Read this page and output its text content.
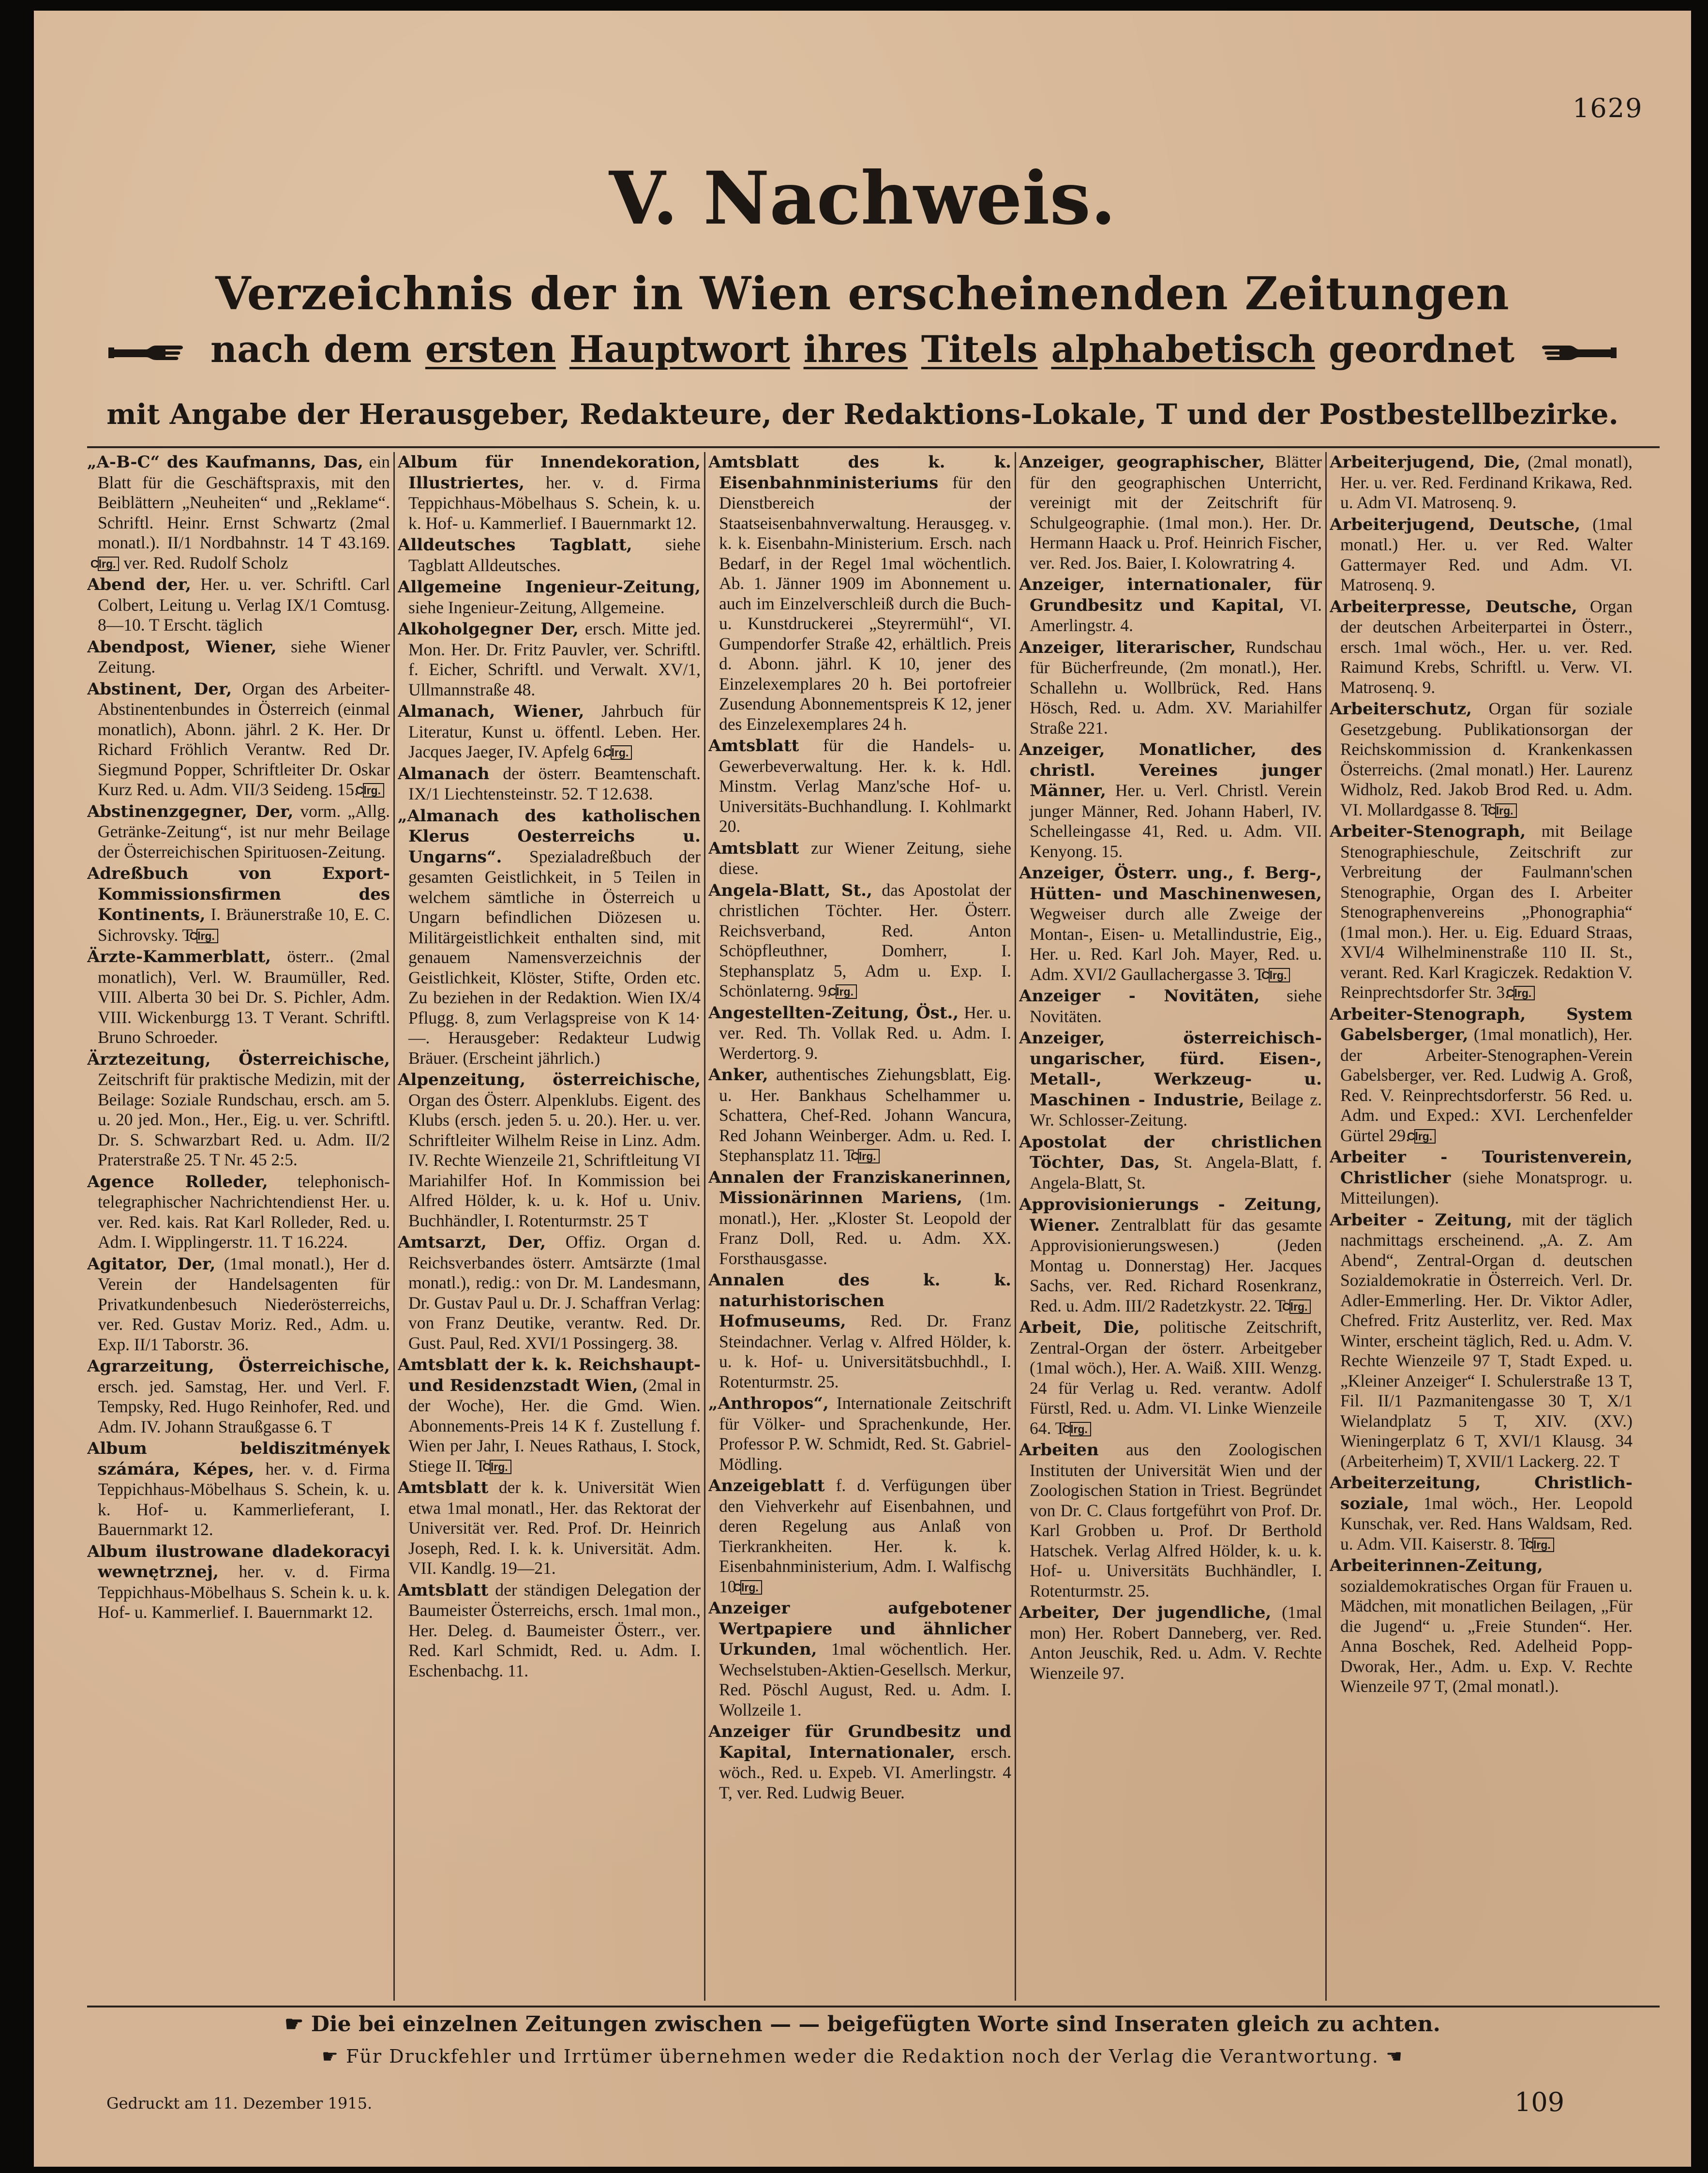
1629
V. Nachweis.
Verzeichnis der in Wien erscheinenden Zeitungen
nach dem ersten Hauptwort ihres Titels alphabetisch geordnet
mit Angabe der Herausgeber, Redakteure, der Redaktions-Lokale, T und der Postbestellbezirke.
„A-B-C“ des Kaufmanns, Das, ein Blatt für die Geschäftspraxis, mit den Beiblättern „Neuheiten“ und „Reklame“. Schriftl. Heinr. Ernst Schwartz (2mal monatl.). II/1 Nordbahnstr. 14 T 43.169. Clrg. ver. Red. Rudolf Scholz
Abend der, Her. u. ver. Schriftl. Carl Colbert, Leitung u. Verlag IX/1 Comtusg. 8—10. T Erscht. täglich
Abendpost, Wiener, siehe Wiener Zeitung.
Abstinent, Der, Organ des Arbeiter-Abstinentenbundes in Österreich (einmal monatlich), Abonn. jährl. 2 K. Her. Dr Richard Fröhlich Verantw. Red Dr. Siegmund Popper, Schriftleiter Dr. Oskar Kurz Red. u. Adm. VII/3 Seideng. 15. Clrg.
Abstinenzgegner, Der, vorm. „Allg. Getränke-Zeitung“, ist nur mehr Beilage der Österreichischen Spirituosen-Zeitung.
Adreßbuch von Export-Kommissionsfirmen des Kontinents, I. Bräunerstraße 10, E. C. Sichrovsky. T Clrg.
Ärzte-Kammerblatt, österr.. (2mal monatlich), Verl. W. Braumüller, Red. VIII. Alberta 30 bei Dr. S. Pichler, Adm. VIII. Wickenburgg 13. T Verant. Schriftl. Bruno Schroeder.
Ärztezeitung, Österreichische, Zeitschrift für praktische Medizin, mit der Beilage: Soziale Rundschau, ersch. am 5. u. 20 jed. Mon., Her., Eig. u. ver. Schriftl. Dr. S. Schwarzbart Red. u. Adm. II/2 Praterstraße 25. T Nr. 45 2:5.
Agence Rolleder, telephonisch-telegraphischer Nachrichtendienst Her. u. ver. Red. kais. Rat Karl Rolleder, Red. u. Adm. I. Wipplingerstr. 11. T 16.224.
Agitator, Der, (1mal monatl.), Her d. Verein der Handelsagenten für Privatkundenbesuch Niederösterreichs, ver. Red. Gustav Moriz. Red., Adm. u. Exp. II/1 Taborstr. 36.
Agrarzeitung, Österreichische, ersch. jed. Samstag, Her. und Verl. F. Tempsky, Red. Hugo Reinhofer, Red. und Adm. IV. Johann Straußgasse 6. T
Album beldiszitmények számára, Képes, her. v. d. Firma Teppichhaus-Möbelhaus S. Schein, k. u. k. Hof- u. Kammerlieferant, I. Bauernmarkt 12.
Album ilustrowane dladekoracyi wewnętrznej, her. v. d. Firma Teppichhaus-Möbelhaus S. Schein k. u. k. Hof- u. Kammerlief. I. Bauernmarkt 12.
Album für Innendekoration, Illustriertes, her. v. d. Firma Teppichhaus-Möbelhaus S. Schein, k. u. k. Hof- u. Kammerlief. I Bauernmarkt 12.
Alldeutsches Tagblatt, siehe Tagblatt Alldeutsches.
Allgemeine Ingenieur-Zeitung, siehe Ingenieur-Zeitung, Allgemeine.
Alkoholgegner Der, ersch. Mitte jed. Mon. Her. Dr. Fritz Pauvler, ver. Schriftl. f. Eicher, Schriftl. und Verwalt. XV/1, Ullmannstraße 48.
Almanach, Wiener, Jahrbuch für Literatur, Kunst u. öffentl. Leben. Her. Jacques Jaeger, IV. Apfelg 6. Clrg.
Almanach der österr. Beamtenschaft. IX/1 Liechtensteinstr. 52. T 12.638.
„Almanach des katholischen Klerus Oesterreichs u. Ungarns“. Spezialadreßbuch der gesamten Geistlichkeit, in 5 Teilen in welchem sämtliche in Österreich u Ungarn befindlichen Diözesen u. Militärgeistlichkeit enthalten sind, mit genauem Namensverzeichnis der Geistlichkeit, Klöster, Stifte, Orden etc. Zu beziehen in der Redaktion. Wien IX/4 Pflugg. 8, zum Verlagspreise von K 14·—. Herausgeber: Redakteur Ludwig Bräuer. (Erscheint jährlich.)
Alpenzeitung, österreichische, Organ des Österr. Alpenklubs. Eigent. des Klubs (ersch. jeden 5. u. 20.). Her. u. ver. Schriftleiter Wilhelm Reise in Linz. Adm. IV. Rechte Wienzeile 21, Schriftleitung VI Mariahilfer Hof. In Kommission bei Alfred Hölder, k. u. k. Hof u. Univ. Buchhändler, I. Rotenturmstr. 25 T
Amtsarzt, Der, Offiz. Organ d. Reichsverbandes österr. Amtsärzte (1mal monatl.), redig.: von Dr. M. Landesmann, Dr. Gustav Paul u. Dr. J. Schaffran Verlag: von Franz Deutike, verantw. Red. Dr. Gust. Paul, Red. XVI/1 Possingerg. 38.
Amtsblatt der k. k. Reichshaupt- und Residenzstadt Wien, (2mal in der Woche), Her. die Gmd. Wien. Abonnements-Preis 14 K f. Zustellung f. Wien per Jahr, I. Neues Rathaus, I. Stock, Stiege II. T Clrg.
Amtsblatt der k. k. Universität Wien etwa 1mal monatl., Her. das Rektorat der Universität ver. Red. Prof. Dr. Heinrich Joseph, Red. I. k. k. Universität. Adm. VII. Kandlg. 19—21.
Amtsblatt der ständigen Delegation der Baumeister Österreichs, ersch. 1mal mon., Her. Deleg. d. Baumeister Österr., ver. Red. Karl Schmidt, Red. u. Adm. I. Eschenbachg. 11.
Amtsblatt des k. k. Eisenbahnministeriums für den Dienstbereich der Staatseisenbahnverwaltung. Herausgeg. v. k. k. Eisenbahn-Ministerium. Ersch. nach Bedarf, in der Regel 1mal wöchentlich. Ab. 1. Jänner 1909 im Abonnement u. auch im Einzelverschleiß durch die Buch- u. Kunstdruckerei „Steyrermühl“, VI. Gumpendorfer Straße 42, erhältlich. Preis d. Abonn. jährl. K 10, jener des Einzelexemplares 20 h. Bei portofreier Zusendung Abonnementspreis K 12, jener des Einzelexemplares 24 h.
Amtsblatt für die Handels- u. Gewerbeverwaltung. Her. k. k. Hdl. Minstm. Verlag Manz'sche Hof- u. Universitäts-Buchhandlung. I. Kohlmarkt 20.
Amtsblatt zur Wiener Zeitung, siehe diese.
Angela-Blatt, St., das Apostolat der christlichen Töchter. Her. Österr. Reichsverband, Red. Anton Schöpfleuthner, Domherr, I. Stephansplatz 5, Adm u. Exp. I. Schönlaterng. 9. Clrg.
Angestellten-Zeitung, Öst., Her. u. ver. Red. Th. Vollak Red. u. Adm. I. Werdertorg. 9.
Anker, authentisches Ziehungsblatt, Eig. u. Her. Bankhaus Schelhammer u. Schattera, Chef-Red. Johann Wancura, Red Johann Weinberger. Adm. u. Red. I. Stephansplatz 11. T Clrg.
Annalen der Franziskanerinnen, Missionärinnen Mariens, (1m. monatl.), Her. „Kloster St. Leopold der Franz Doll, Red. u. Adm. XX. Forsthausgasse.
Annalen des k. k. naturhistorischen Hofmuseums, Red. Dr. Franz Steindachner. Verlag v. Alfred Hölder, k. u. k. Hof- u. Universitätsbuchhdl., I. Rotenturmstr. 25.
„Anthropos“, Internationale Zeitschrift für Völker- und Sprachenkunde, Her. Professor P. W. Schmidt, Red. St. Gabriel-Mödling.
Anzeigeblatt f. d. Verfügungen über den Viehverkehr auf Eisenbahnen, und deren Regelung aus Anlaß von Tierkrankheiten. Her. k. k. Eisenbahnministerium, Adm. I. Walfischg 10 Clrg.
Anzeiger aufgebotener Wertpapiere und ähnlicher Urkunden, 1mal wöchentlich. Her. Wechselstuben-Aktien-Gesellsch. Merkur, Red. Pöschl August, Red. u. Adm. I. Wollzeile 1.
Anzeiger für Grundbesitz und Kapital, Internationaler, ersch. wöch., Red. u. Expeb. VI. Amerlingstr. 4 T, ver. Red. Ludwig Beuer.
Anzeiger, geographischer, Blätter für den geographischen Unterricht, vereinigt mit der Zeitschrift für Schulgeographie. (1mal mon.). Her. Dr. Hermann Haack u. Prof. Heinrich Fischer, ver. Red. Jos. Baier, I. Kolowratring 4.
Anzeiger, internationaler, für Grundbesitz und Kapital, VI. Amerlingstr. 4.
Anzeiger, literarischer, Rundschau für Bücherfreunde, (2m monatl.), Her. Schallehn u. Wollbrück, Red. Hans Hösch, Red. u. Adm. XV. Mariahilfer Straße 221.
Anzeiger, Monatlicher, des christl. Vereines junger Männer, Her. u. Verl. Christl. Verein junger Männer, Red. Johann Haberl, IV. Schelleingasse 41, Red. u. Adm. VII. Kenyong. 15.
Anzeiger, Österr. ung., f. Berg-, Hütten- und Maschinenwesen, Wegweiser durch alle Zweige der Montan-, Eisen- u. Metallindustrie, Eig., Her. u. Red. Karl Joh. Mayer, Red. u. Adm. XVI/2 Gaullachergasse 3. T Clrg.
Anzeiger - Novitäten, siehe Novitäten.
Anzeiger, österreichisch-ungarischer, fürd. Eisen-, Metall-, Werkzeug- u. Maschinen - Industrie, Beilage z. Wr. Schlosser-Zeitung.
Apostolat der christlichen Töchter, Das, St. Angela-Blatt, f. Angela-Blatt, St.
Approvisionierungs - Zeitung, Wiener. Zentralblatt für das gesamte Approvisionierungswesen.) (Jeden Montag u. Donnerstag) Her. Jacques Sachs, ver. Red. Richard Rosenkranz, Red. u. Adm. III/2 Radetzkystr. 22. T Clrg.
Arbeit, Die, politische Zeitschrift, Zentral-Organ der österr. Arbeitgeber (1mal wöch.), Her. A. Waiß. XIII. Wenzg. 24 für Verlag u. Red. verantw. Adolf Fürstl, Red. u. Adm. VI. Linke Wienzeile 64. T Clrg.
Arbeiten aus den Zoologischen Instituten der Universität Wien und der Zoologischen Station in Triest. Begründet von Dr. C. Claus fortgeführt von Prof. Dr. Karl Grobben u. Prof. Dr Berthold Hatschek. Verlag Alfred Hölder, k. u. k. Hof- u. Universitäts Buchhändler, I. Rotenturmstr. 25.
Arbeiter, Der jugendliche, (1mal mon) Her. Robert Danneberg, ver. Red. Anton Jeuschik, Red. u. Adm. V. Rechte Wienzeile 97.
Arbeiterjugend, Die, (2mal monatl), Her. u. ver. Red. Ferdinand Krikawa, Red. u. Adm VI. Matrosenq. 9.
Arbeiterjugend, Deutsche, (1mal monatl.) Her. u. ver Red. Walter Gattermayer Red. und Adm. VI. Matrosenq. 9.
Arbeiterpresse, Deutsche, Organ der deutschen Arbeiterpartei in Österr., ersch. 1mal wöch., Her. u. ver. Red. Raimund Krebs, Schriftl. u. Verw. VI. Matrosenq. 9.
Arbeiterschutz, Organ für soziale Gesetzgebung. Publikationsorgan der Reichskommission d. Krankenkassen Österreichs. (2mal monatl.) Her. Laurenz Widholz, Red. Jakob Brod Red. u. Adm. VI. Mollardgasse 8. T Clrg.
Arbeiter-Stenograph, mit Beilage Stenographieschule, Zeitschrift zur Verbreitung der Faulmann'schen Stenographie, Organ des I. Arbeiter Stenographenvereins „Phonographia“ (1mal mon.). Her. u. Eig. Eduard Straas, XVI/4 Wilhelminenstraße 110 II. St., verant. Red. Karl Kragiczek. Redaktion V. Reinprechtsdorfer Str. 3. Clrg.
Arbeiter-Stenograph, System Gabelsberger, (1mal monatlich), Her. der Arbeiter-Stenographen-Verein Gabelsberger, ver. Red. Ludwig A. Groß, Red. V. Reinprechtsdorferstr. 56 Red. u. Adm. und Exped.: XVI. Lerchenfelder Gürtel 29. Clrg.
Arbeiter - Touristenverein, Christlicher (siehe Monatsprogr. u. Mitteilungen).
Arbeiter - Zeitung, mit der täglich nachmittags erscheinend. „A. Z. Am Abend“, Zentral-Organ d. deutschen Sozialdemokratie in Österreich. Verl. Dr. Adler-Emmerling. Her. Dr. Viktor Adler, Chefred. Fritz Austerlitz, ver. Red. Max Winter, erscheint täglich, Red. u. Adm. V. Rechte Wienzeile 97 T, Stadt Exped. u. „Kleiner Anzeiger“ I. Schulerstraße 13 T, Fil. II/1 Pazmanitengasse 30 T, X/1 Wielandplatz 5 T, XIV. (XV.) Wieningerplatz 6 T, XVI/1 Klausg. 34 (Arbeiterheim) T, XVII/1 Lackerg. 22. T
Arbeiterzeitung, Christlich-soziale, 1mal wöch., Her. Leopold Kunschak, ver. Red. Hans Waldsam, Red. u. Adm. VII. Kaiserstr. 8. T Clrg.
Arbeiterinnen-Zeitung, sozialdemokratisches Organ für Frauen u. Mädchen, mit monatlichen Beilagen, „Für die Jugend“ u. „Freie Stunden“. Her. Anna Boschek, Red. Adelheid Popp-Dworak, Her., Adm. u. Exp. V. Rechte Wienzeile 97 T, (2mal monatl.).
☛ Die bei einzelnen Zeitungen zwischen — — beigefügten Worte sind Inseraten gleich zu achten.
☛ Für Druckfehler und Irrtümer übernehmen weder die Redaktion noch der Verlag die Verantwortung. ☚
Gedruckt am 11. Dezember 1915.	109
